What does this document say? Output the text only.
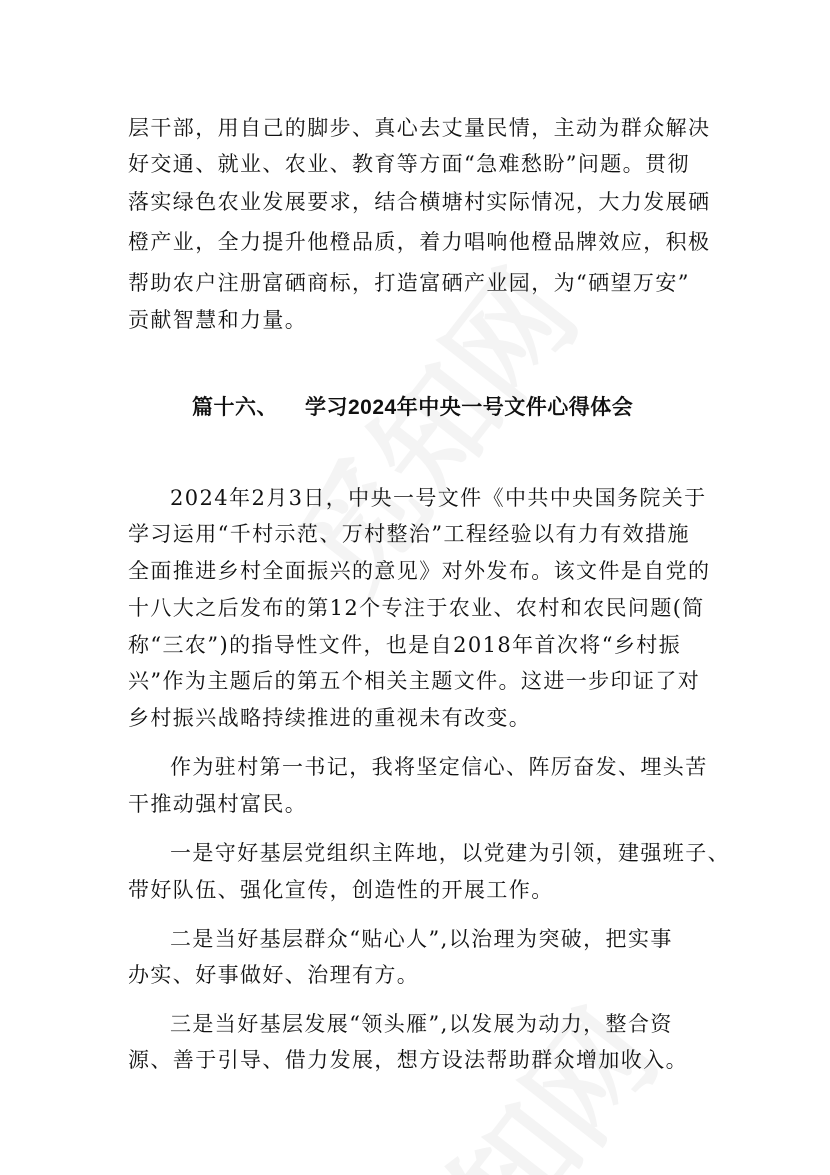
层干部，用自己的脚步、真心去丈量民情，主动为群众解决
好交通、就业、农业、教育等方面“急难愁盼”问题。贯彻
落实绿色农业发展要求，结合横塘村实际情况，大力发展硒
橙产业，全力提升他橙品质，着力唱响他橙品牌效应，积极
帮助农户注册富硒商标，打造富硒产业园，为“硒望万安”
贡献智慧和力量。
篇十六、 学习2024年中央一号文件心得体会
2024年2月3日，中央一号文件《中共中央国务院关于
学习运用“千村示范、万村整治”工程经验以有力有效措施
全面推进乡村全面振兴的意见》对外发布。该文件是自党的
十八大之后发布的第12个专注于农业、农村和农民问题(简
称“三农”)的指导性文件，也是自2018年首次将“乡村振
兴”作为主题后的第五个相关主题文件。这进一步印证了对
乡村振兴战略持续推进的重视未有改变。
作为驻村第一书记，我将坚定信心、阵厉奋发、埋头苦
干推动强村富民。
一是守好基层党组织主阵地，以党建为引领，建强班子、
带好队伍、强化宣传，创造性的开展工作。
二是当好基层群众“贴心人”,以治理为突破，把实事
办实、好事做好、治理有方。
三是当好基层发展“领头雁”,以发展为动力，整合资
源、善于引导、借力发展，想方设法帮助群众增加收入。
